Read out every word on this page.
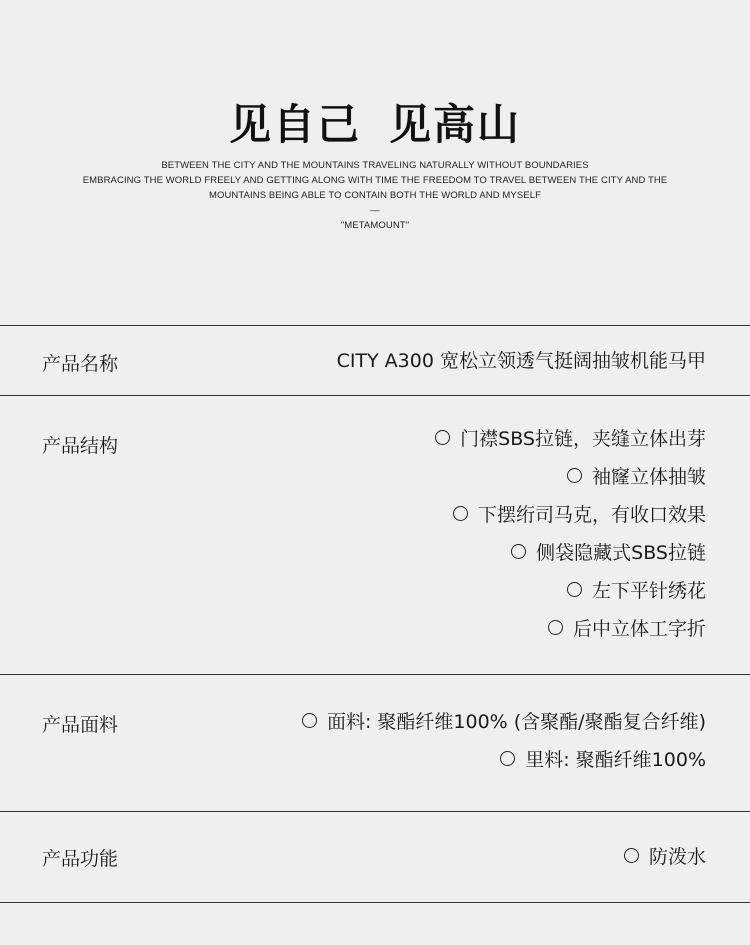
见自己 见高山
BETWEEN THE CITY AND THE MOUNTAINS TRAVELING NATURALLY WITHOUT BOUNDARIES
EMBRACING THE WORLD FREELY AND GETTING ALONG WITH TIME THE FREEDOM TO TRAVEL BETWEEN THE CITY AND THE
MOUNTAINS BEING ABLE TO CONTAIN BOTH THE WORLD AND MYSELF
—
"METAMOUNT"
产品名称	CITY A300 宽松立领透气挺阔抽皱机能马甲
产品结构	门襟SBS拉链，夹缝立体出芽
袖窿立体抽皱
下摆绗司马克，有收口效果
侧袋隐藏式SBS拉链
左下平针绣花
后中立体工字折
产品面料	面料: 聚酯纤维100% (含聚酯/聚酯复合纤维)
里料: 聚酯纤维100%
产品功能	防泼水
